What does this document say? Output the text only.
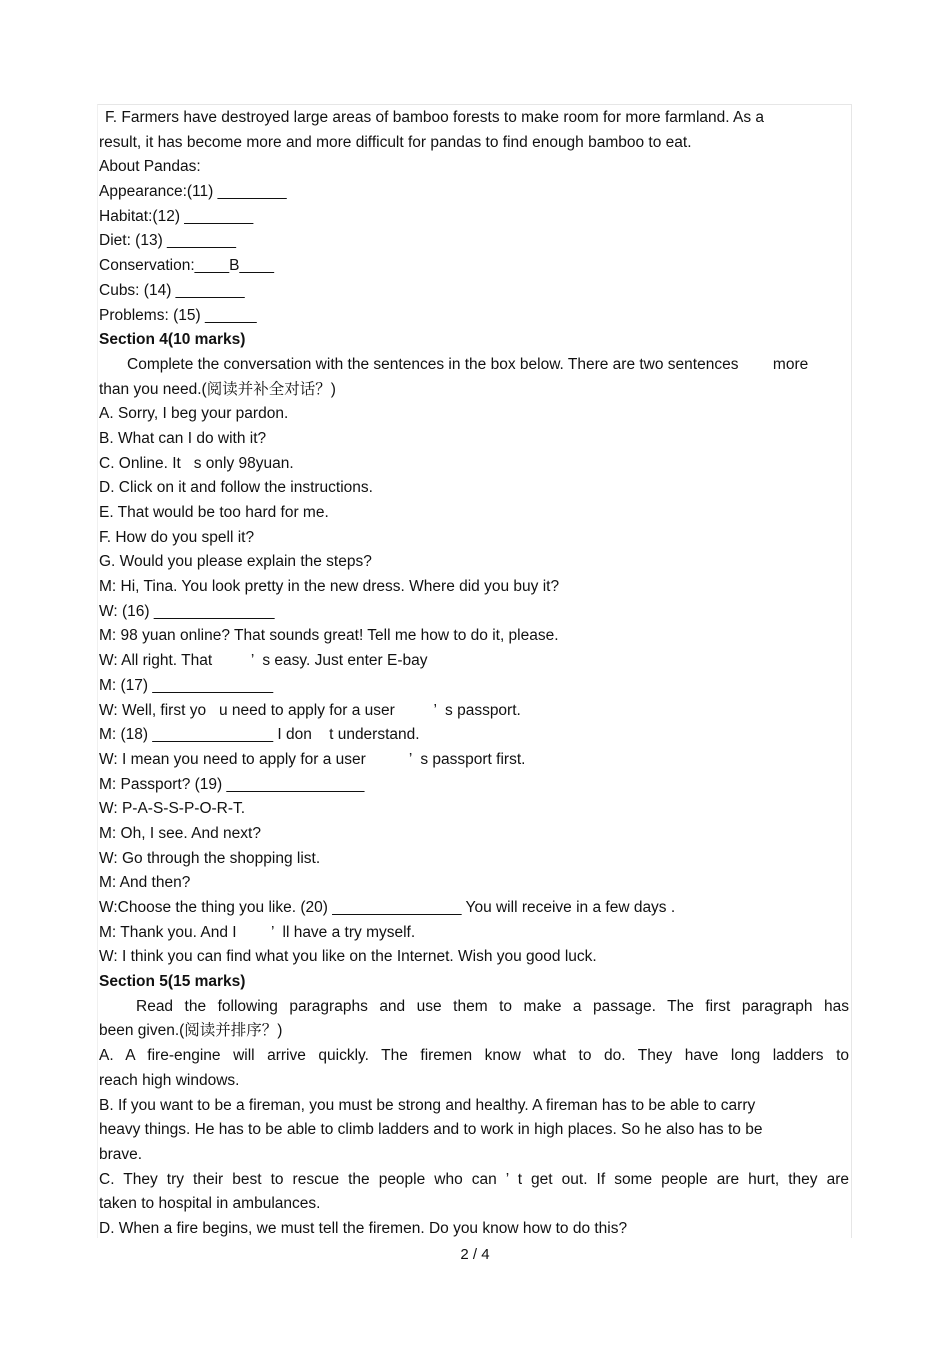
F. Farmers have destroyed large areas of bamboo forests to make room for more farmland. As a
result, it has become more and more difficult for pandas to find enough bamboo to eat.
About Pandas:
Appearance:(11) ________
Habitat:(12) ________
Diet: (13) ________
Conservation:____B____
Cubs: (14) ________
Problems: (15) ______
Section 4(10 marks)
Complete the conversation with the sentences in the box below. There are two sentences        more
than you need.(阅读并补全对话？)
A. Sorry, I beg your pardon.
B. What can I do with it?
C. Online. It   s only 98yuan.
D. Click on it and follow the instructions.
E. That would be too hard for me.
F. How do you spell it?
G. Would you please explain the steps?
M: Hi, Tina. You look pretty in the new dress. Where did you buy it?
W: (16) ______________
M: 98 yuan online? That sounds great! Tell me how to do it, please.
W: All right. That         ’  s easy. Just enter E-bay
M: (17) ______________
W: Well, first yo   u need to apply for a user         ’  s passport.
M: (18) ______________ I don    t understand.
W: I mean you need to apply for a user          ’  s passport first.
M: Passport? (19) ________________
W: P-A-S-S-P-O-R-T.
M: Oh, I see. And next?
W: Go through the shopping list.
M: And then?
W:Choose the thing you like. (20) _______________ You will receive in a few days .
M: Thank you. And I        ’  ll have a try myself.
W: I think you can find what you like on the Internet. Wish you good luck.
Section 5(15 marks)
Read the following paragraphs and use them to make a passage. The first paragraph has
been given.(阅读并排序？)
A. A fire-engine will arrive quickly. The firemen know what to do. They have long ladders to
reach high windows.
B. If you want to be a fireman, you must be strong and healthy. A fireman has to be able to carry
heavy things. He has to be able to climb ladders and to work in high places. So he also has to be
brave.
C. They try their best to rescue the people who can ’ t get out. If some people are hurt, they are
taken to hospital in ambulances.
D. When a fire begins, we must tell the firemen. Do you know how to do this?
2 / 4
